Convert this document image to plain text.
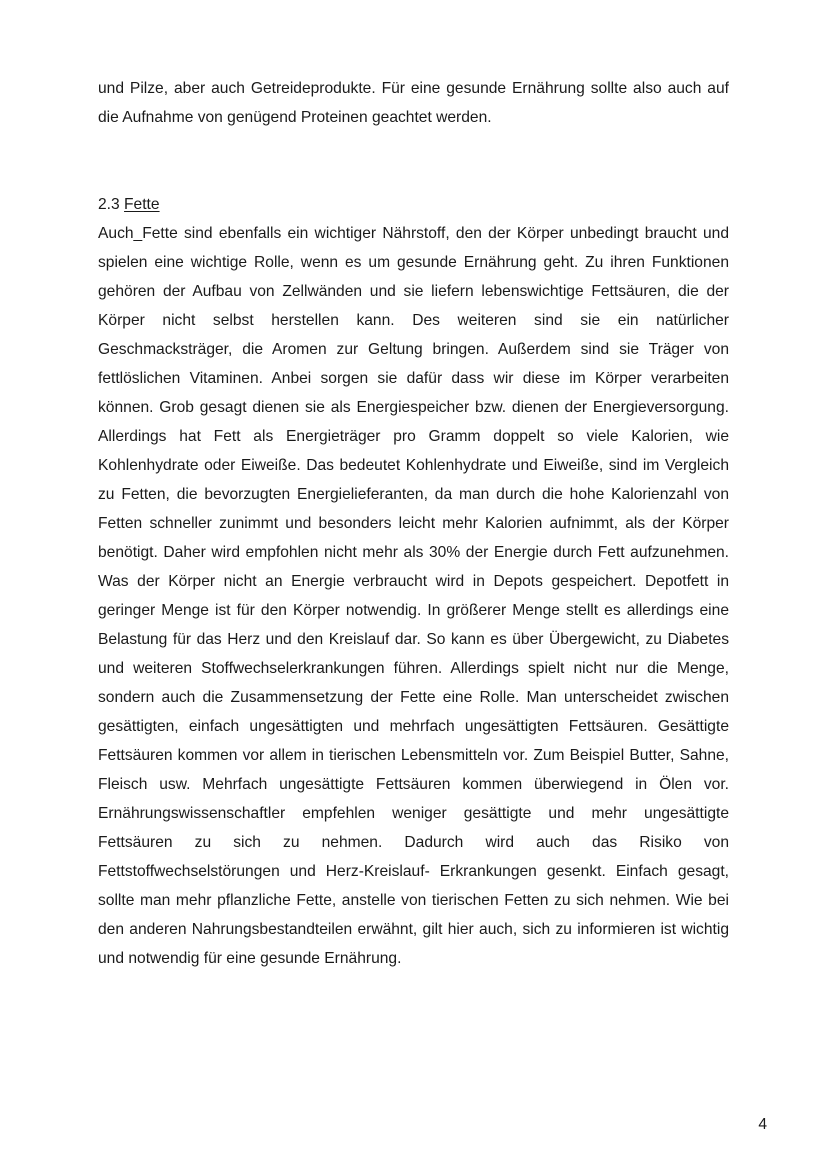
und Pilze, aber auch Getreideprodukte. Für eine gesunde Ernährung sollte also auch auf die Aufnahme von genügend Proteinen geachtet werden.

2.3 Fette

Auch_Fette sind ebenfalls ein wichtiger Nährstoff, den der Körper unbedingt braucht und spielen eine wichtige Rolle, wenn es um gesunde Ernährung geht. Zu ihren Funktionen gehören der Aufbau von Zellwänden und sie liefern lebenswichtige Fettsäuren, die der Körper nicht selbst herstellen kann. Des weiteren sind sie ein natürlicher Geschmacksträger, die Aromen zur Geltung bringen. Außerdem sind sie Träger von fettlöslichen Vitaminen. Anbei sorgen sie dafür dass wir diese im Körper verarbeiten können. Grob gesagt dienen sie als Energiespeicher bzw. dienen der Energieversorgung. Allerdings hat Fett als Energieträger pro Gramm doppelt so viele Kalorien, wie Kohlenhydrate oder Eiweiße. Das bedeutet Kohlenhydrate und Eiweiße, sind im Vergleich zu Fetten, die bevorzugten Energielieferanten, da man durch die hohe Kalorienzahl von Fetten schneller zunimmt und besonders leicht mehr Kalorien aufnimmt, als der Körper benötigt. Daher wird empfohlen nicht mehr als 30% der Energie durch Fett aufzunehmen. Was der Körper nicht an Energie verbraucht wird in Depots gespeichert. Depotfett in geringer Menge ist für den Körper notwendig. In größerer Menge stellt es allerdings eine Belastung für das Herz und den Kreislauf dar. So kann es über Übergewicht, zu Diabetes und weiteren Stoffwechselerkrankungen führen. Allerdings spielt nicht nur die Menge, sondern auch die Zusammensetzung der Fette eine Rolle. Man unterscheidet zwischen gesättigten, einfach ungesättigten und mehrfach ungesättigten Fettsäuren. Gesättigte Fettsäuren kommen vor allem in tierischen Lebensmitteln vor. Zum Beispiel Butter, Sahne, Fleisch usw. Mehrfach ungesättigte Fettsäuren kommen überwiegend in Ölen vor. Ernährungswissenschaftler empfehlen weniger gesättigte und mehr ungesättigte Fettsäuren zu sich zu nehmen. Dadurch wird auch das Risiko von Fettstoffwechselstörungen und Herz-Kreislauf- Erkrankungen gesenkt. Einfach gesagt, sollte man mehr pflanzliche Fette, anstelle von tierischen Fetten zu sich nehmen. Wie bei den anderen Nahrungsbestandteilen erwähnt, gilt hier auch, sich zu informieren ist wichtig und notwendig für eine gesunde Ernährung.

4
